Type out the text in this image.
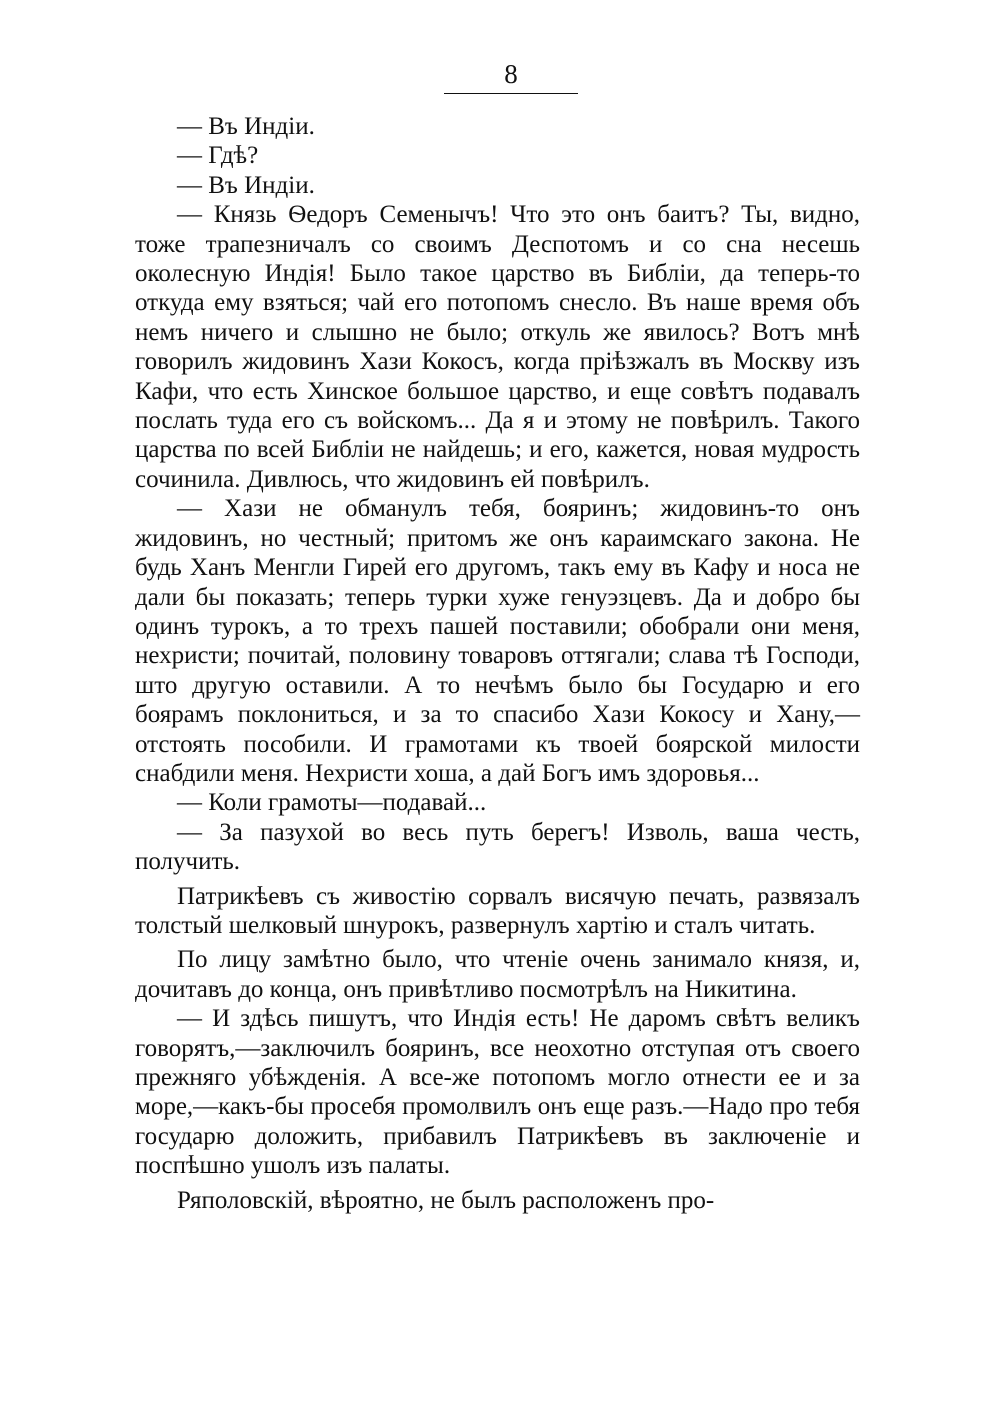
8

— Въ Индiи.

— Гдѣ?

— Въ Индiи.

— Князь Ѳедоръ Семенычъ! Что это онъ баитъ? Ты, видно, тоже трапезничалъ со своимъ Деспотомъ и со сна несешь околесную Индія! Было такое царство въ Библiи, да теперь-то откуда ему взяться; чай его потопомъ снесло. Въ наше время объ немъ ничего и слышно не было; откуль же явилось? Вотъ мнѣ говорилъ жидовинъ Хази Кокосъ, когда прiѣзжалъ въ Москву изъ Кафи, что есть Хинское большое царство, и еще совѣтъ подавалъ послать туда его съ войскомъ... Да я и этому не повѣрилъ. Такого царства по всей Библiи не найдешь; и его, кажется, новая мудрость сочинила. Дивлюсь, что жидовинъ ей повѣрилъ.

— Хази не обманулъ тебя, бояринъ; жидовинъ-то онъ жидовинъ, но честный; притомъ же онъ караимскаго закона. Не будь Ханъ Менгли Гирей его другомъ, такъ ему въ Кафу и носа не дали бы показать; теперь турки хуже генуэзцевъ. Да и добро бы одинъ турокъ, а то трехъ пашей поставили; обобрали они меня, нехристи; почитай, половину товаровъ оттягали; слава тѣ Господи, што другую оставили. А то нечѣмъ было бы Государю и его боярамъ поклониться, и за то спасибо Хази Кокосу и Хану,—отстоять пособили. И грамотами къ твоей боярской милости снабдили меня. Нехристи хоша, а дай Богъ имъ здоровья...

— Коли грамоты—подавай...

— За пазухой во весь путь берегъ! Изволь, ваша честь, получить.

Патрикѣевъ съ живостiю сорвалъ висячую печать, развязалъ толстый шелковый шнурокъ, развернулъ хартiю и сталъ читать.

По лицу замѣтно было, что чтенiе очень занимало князя, и, дочитавъ до конца, онъ привѣтливо посмотрѣлъ на Никитина.

— И здѣсь пишутъ, что Индiя есть! Не даромъ свѣтъ великъ говорятъ,—заключилъ бояринъ, все неохотно отступая отъ своего прежняго убѣжденiя. А все-же потопомъ могло отнести ее и за море,—какъ-бы просебя промолвилъ онъ еще разъ.—Надо про тебя государю доложить, прибавилъ Патрикѣевъ въ заключенiе и поспѣшно ушолъ изъ палаты.

Ряполовскiй, вѣроятно, не былъ расположенъ про-
